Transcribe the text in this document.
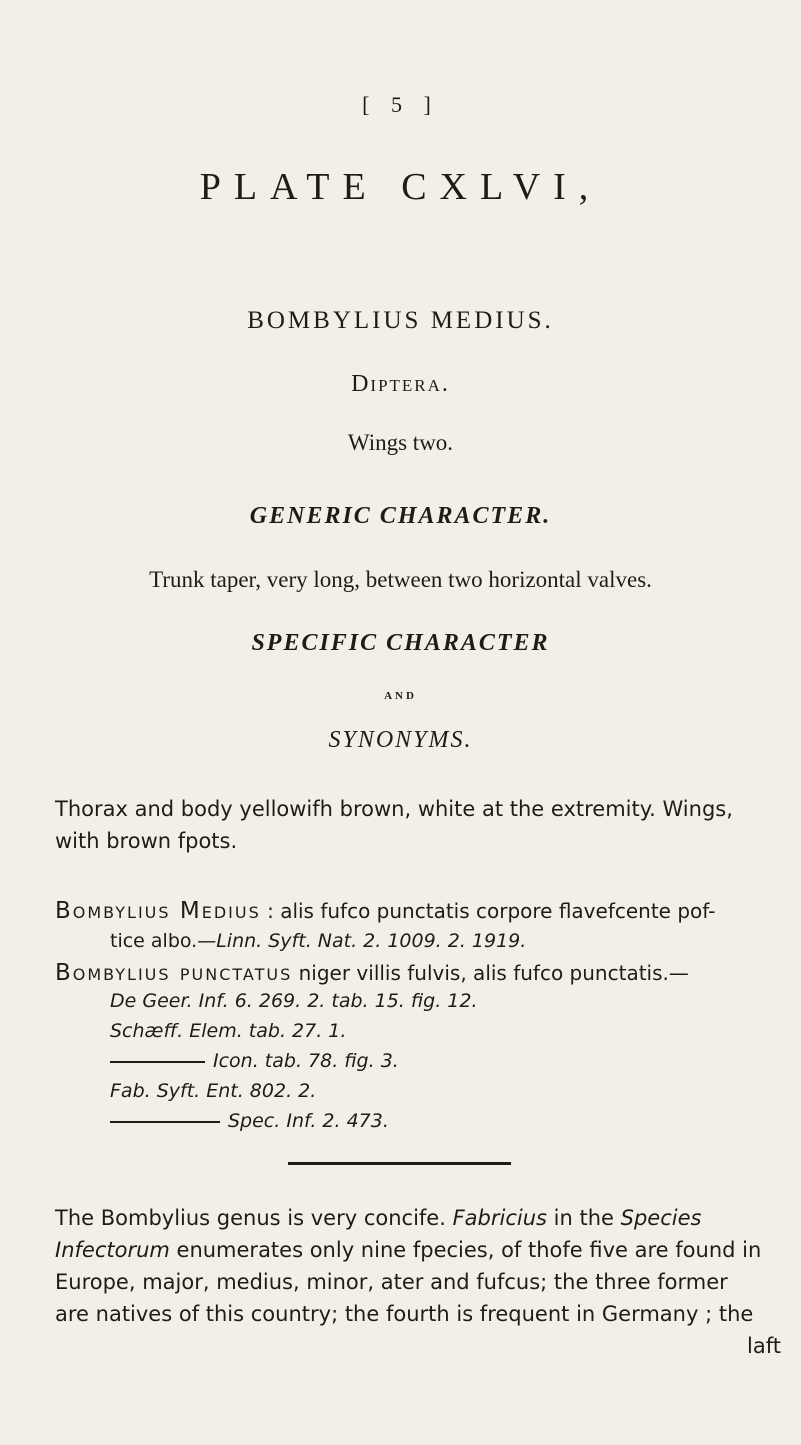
[ 5 ]
PLATE CXLVI,
BOMBYLIUS MEDIUS.
Diptera.
Wings two.
GENERIC CHARACTER.
Trunk taper, very long, between two horizontal valves.
SPECIFIC CHARACTER
AND
SYNONYMS.
Thorax and body yellowifh brown, white at the extremity. Wings,
with brown fpots.
Bombylius Medius : alis fufco punctatis corpore flavefcente pof-
tice albo.—Linn. Syft. Nat. 2. 1009. 2. 1919.
Bombylius punctatus niger villis fulvis, alis fufco punctatis.—
De Geer. Inf. 6. 269. 2. tab. 15. fig. 12.
Schæff. Elem. tab. 27. 1.
Icon. tab. 78. fig. 3.
Fab. Syft. Ent. 802. 2.
Spec. Inf. 2. 473.
The Bombylius genus is very concife. Fabricius in the Species
Infectorum enumerates only nine fpecies, of thofe five are found in
Europe, major, medius, minor, ater and fufcus; the three former
are natives of this country; the fourth is frequent in Germany ; the
laft
